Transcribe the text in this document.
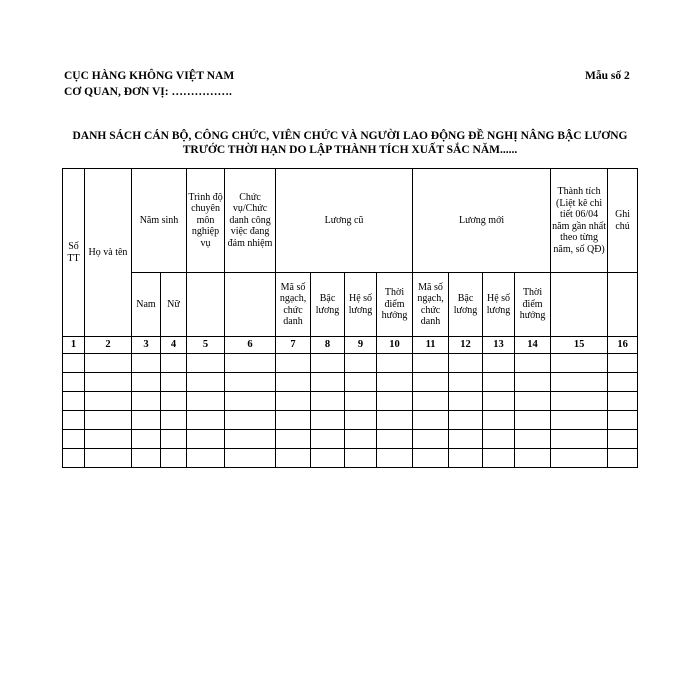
CỤC HÀNG KHÔNG VIỆT NAM
CƠ QUAN, ĐƠN VỊ: …………….
Mẫu số 2
DANH SÁCH CÁN BỘ, CÔNG CHỨC, VIÊN CHỨC VÀ NGƯỜI LAO ĐỘNG ĐỀ NGHỊ NÂNG BẬC LƯƠNG
TRƯỚC THỜI HẠN DO LẬP THÀNH TÍCH XUẤT SẮC NĂM......
Số TT	Họ và tên	Năm sinh		Trình độ chuyên môn nghiệp vụ	Chức vụ/Chức danh công việc đang đảm nhiệm	Lương cũ				Lương mới				Thành tích (Liệt kê chi tiết 06/04 năm gần nhất theo từng năm, số QĐ)	Ghi chú
		Nam	Nữ			Mã số ngạch, chức danh	Bậc lương	Hệ số lương	Thời điểm hưởng	Mã số ngạch, chức danh	Bậc lương	Hệ số lương	Thời điểm hưởng		
1	2	3	4	5	6	7	8	9	10	11	12	13	14	15	16
